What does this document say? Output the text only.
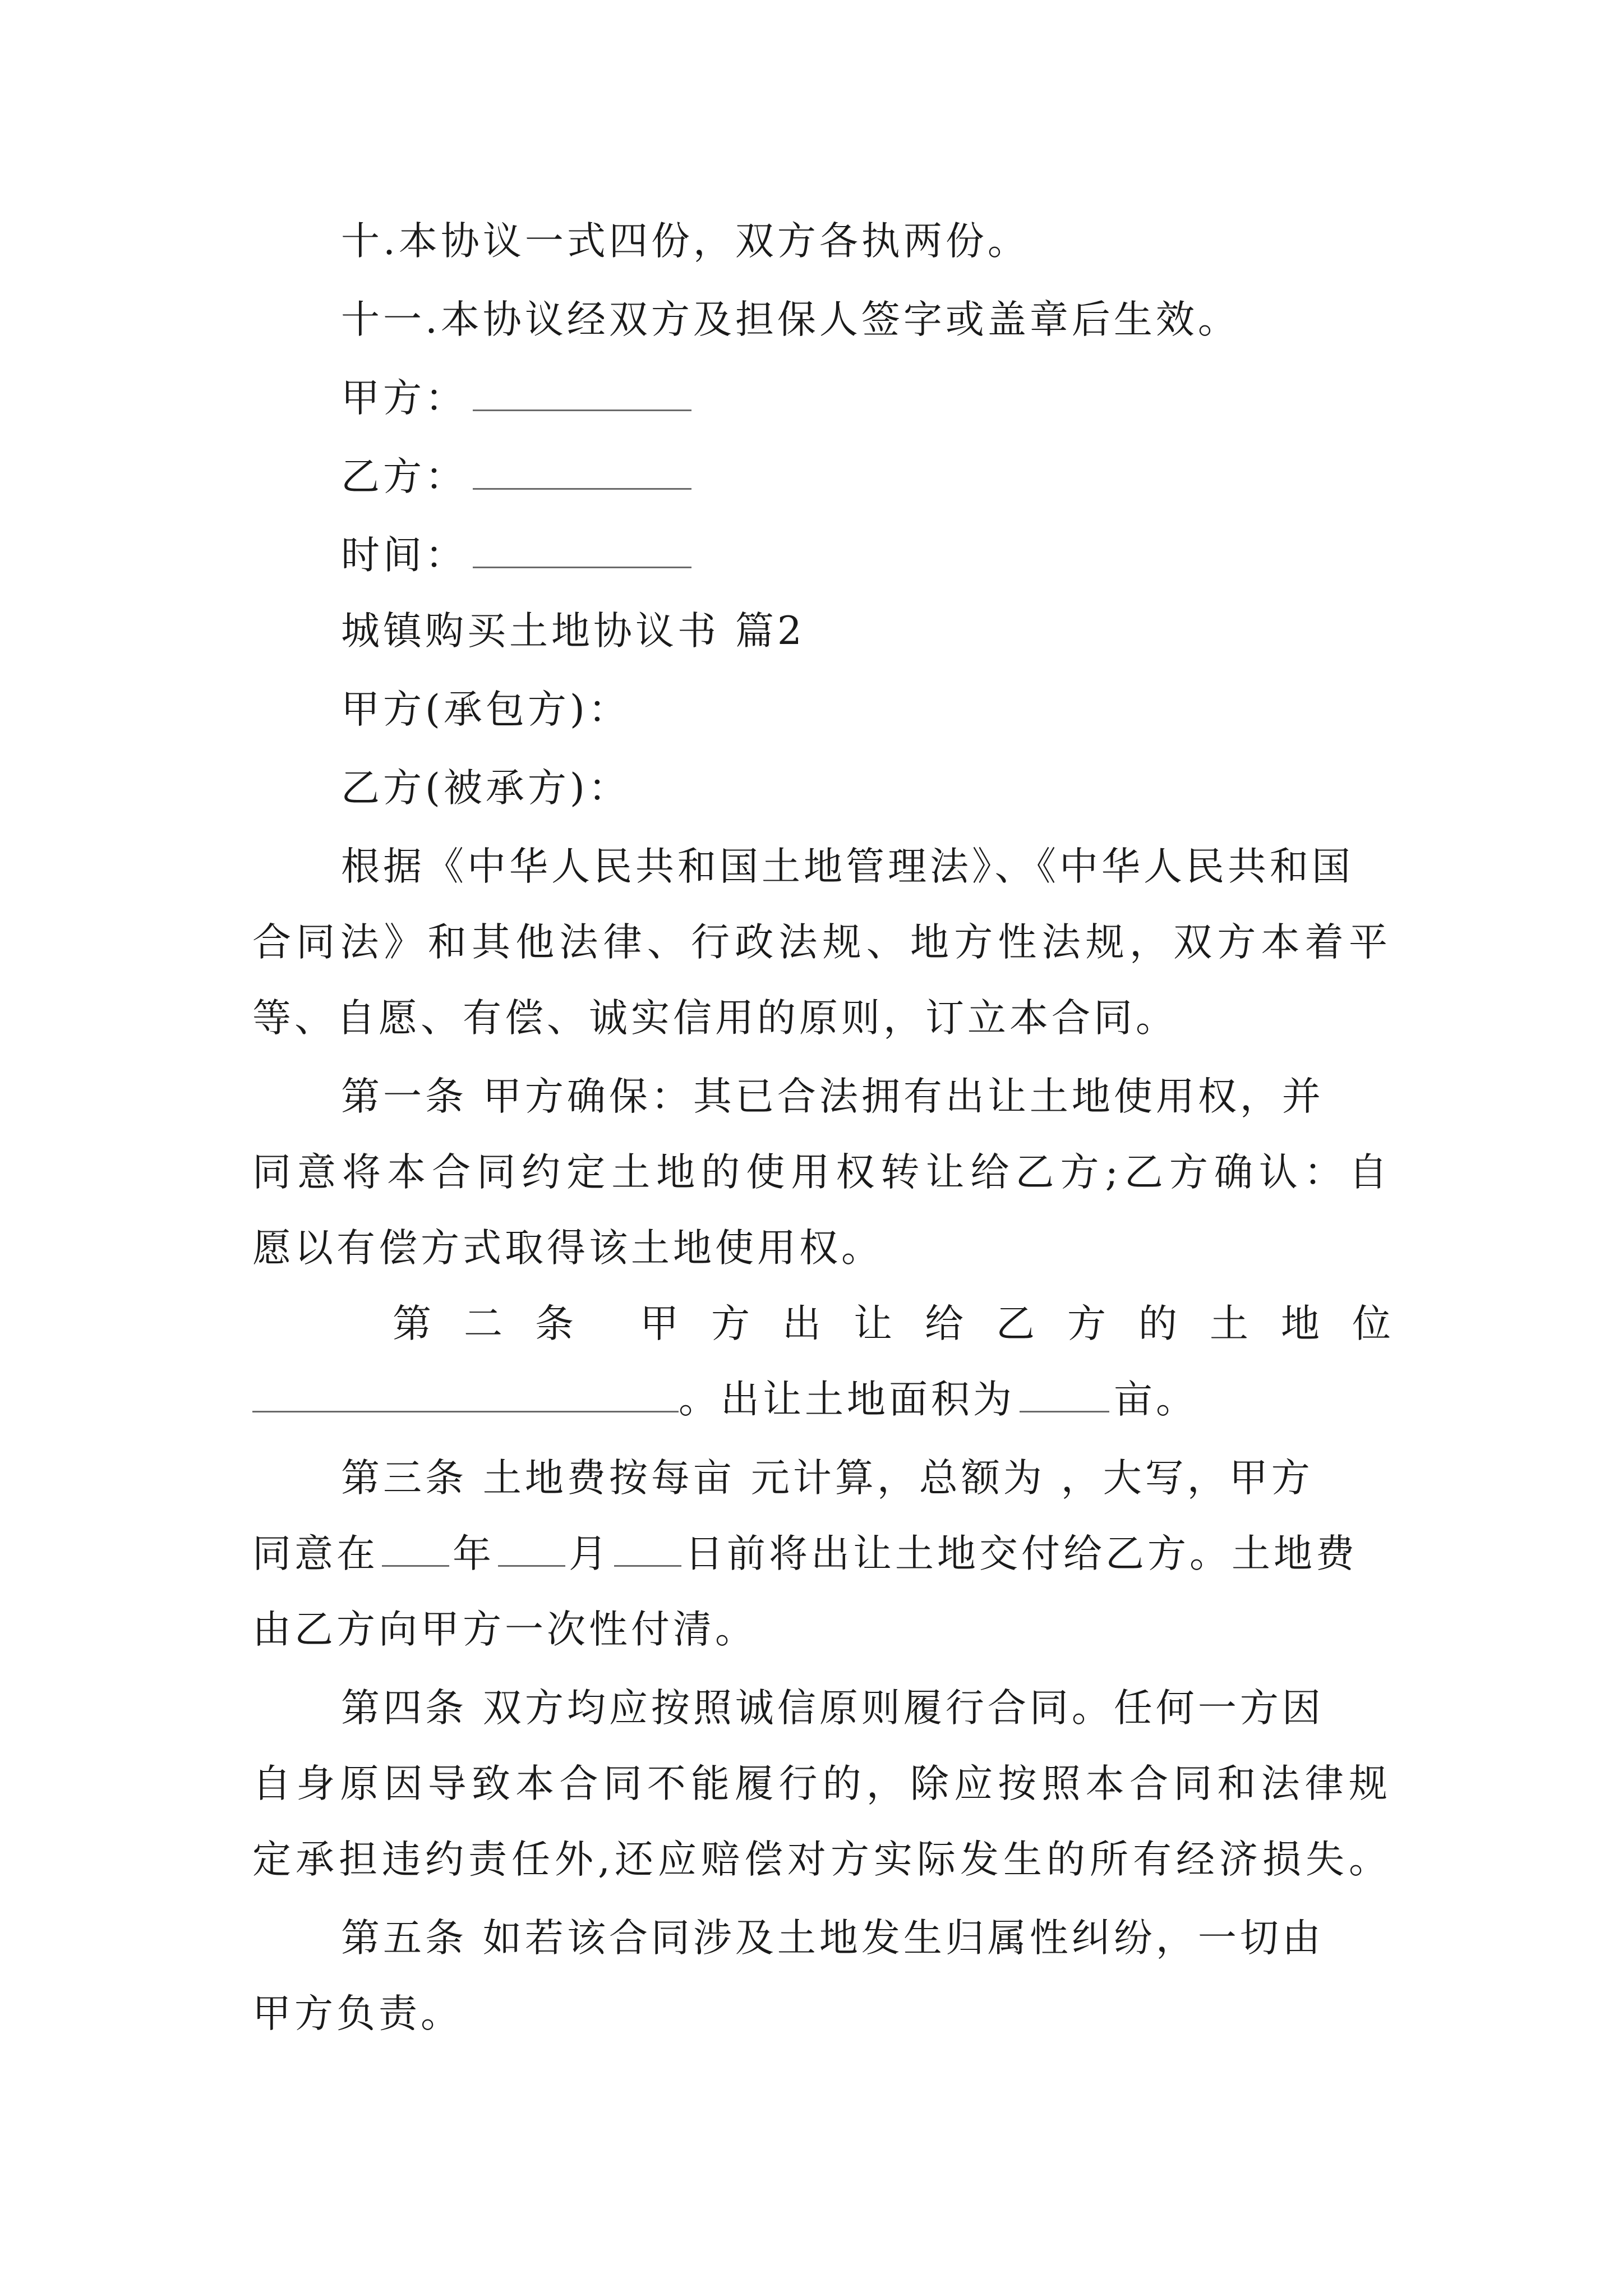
十.本协议一式四份，双方各执两份。
十一.本协议经双方及担保人签字或盖章后生效。
甲方：
乙方：
时间：
城镇购买土地协议书 篇2
甲方(承包方)：
乙方(被承方)：
根据《中华人民共和国土地管理法》、《中华人民共和国
合同法》和其他法律、行政法规、地方性法规，双方本着平
等、自愿、有偿、诚实信用的原则，订立本合同。
第一条 甲方确保：其已合法拥有出让土地使用权，并
同意将本合同约定土地的使用权转让给乙方;乙方确认：自
愿以有偿方式取得该土地使用权。
第 二 条 甲 方 出 让 给 乙 方 的 土 地 位
。出让土地面积为	亩。
第三条 土地费按每亩 元计算，总额为 ，大写，甲方
同意在 年 月 日前将出让土地交付给乙方。土地费
由乙方向甲方一次性付清。
第四条 双方均应按照诚信原则履行合同。任何一方因
自身原因导致本合同不能履行的，除应按照本合同和法律规
定承担违约责任外,还应赔偿对方实际发生的所有经济损失。
第五条 如若该合同涉及土地发生归属性纠纷，一切由
甲方负责。
